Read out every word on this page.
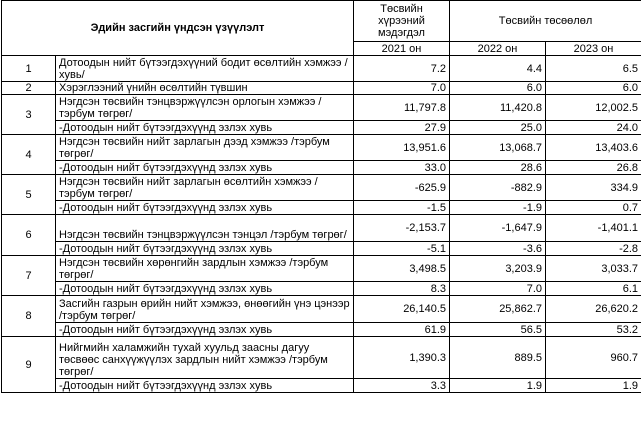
Эдийн засгийн үндсэн үзүүлэлт		Төсвийн хүрээний мэдэгдэл	Төсвийн төсөөлөл	
		2021 он	2022 он	2023 он
1	Дотоодын нийт бүтээгдэхүүний бодит өсөлтийн хэмжээ /хувь/	7.2	4.4	6.5
2	Хэрэглээний үнийн өсөлтийн түвшин	7.0	6.0	6.0
3	Нэгдсэн төсвийн тэнцвэржүүлсэн орлогын хэмжээ /тэрбум төгрөг/	11,797.8	11,420.8	12,002.5
	-Дотоодын нийт бүтээгдэхүүнд эзлэх хувь	27.9	25.0	24.0
4	Нэгдсэн төсвийн нийт зарлагын дээд хэмжээ /тэрбум төгрөг/	13,951.6	13,068.7	13,403.6
	-Дотоодын нийт бүтээгдэхүүнд эзлэх хувь	33.0	28.6	26.8
5	Нэгдсэн төсвийн нийт зарлагын өсөлтийн хэмжээ /тэрбум төгрөг/	-625.9	-882.9	334.9
	-Дотоодын нийт бүтээгдэхүүнд эзлэх хувь	-1.5	-1.9	0.7
6	Нэгдсэн төсвийн тэнцвэржүүлсэн тэнцэл /тэрбум төгрөг/	-2,153.7	-1,647.9	-1,401.1
	-Дотоодын нийт бүтээгдэхүүнд эзлэх хувь	-5.1	-3.6	-2.8
7	Нэгдсэн төсвийн хөрөнгийн зардлын хэмжээ /тэрбум төгрөг/	3,498.5	3,203.9	3,033.7
	-Дотоодын нийт бүтээгдэхүүнд эзлэх хувь	8.3	7.0	6.1
8	Засгийн газрын өрийн нийт хэмжээ, өнөөгийн үнэ цэнээр /тэрбум төгрөг/	26,140.5	25,862.7	26,620.2
	-Дотоодын нийт бүтээгдэхүүнд эзлэх хувь	61.9	56.5	53.2
9	Нийгмийн халамжийн тухай хуульд заасны дагуу төсвөөс санхүүжүүлэх зардлын нийт хэмжээ /тэрбум төгрөг/	1,390.3	889.5	960.7
	-Дотоодын нийт бүтээгдэхүүнд эзлэх хувь	3.3	1.9	1.9
